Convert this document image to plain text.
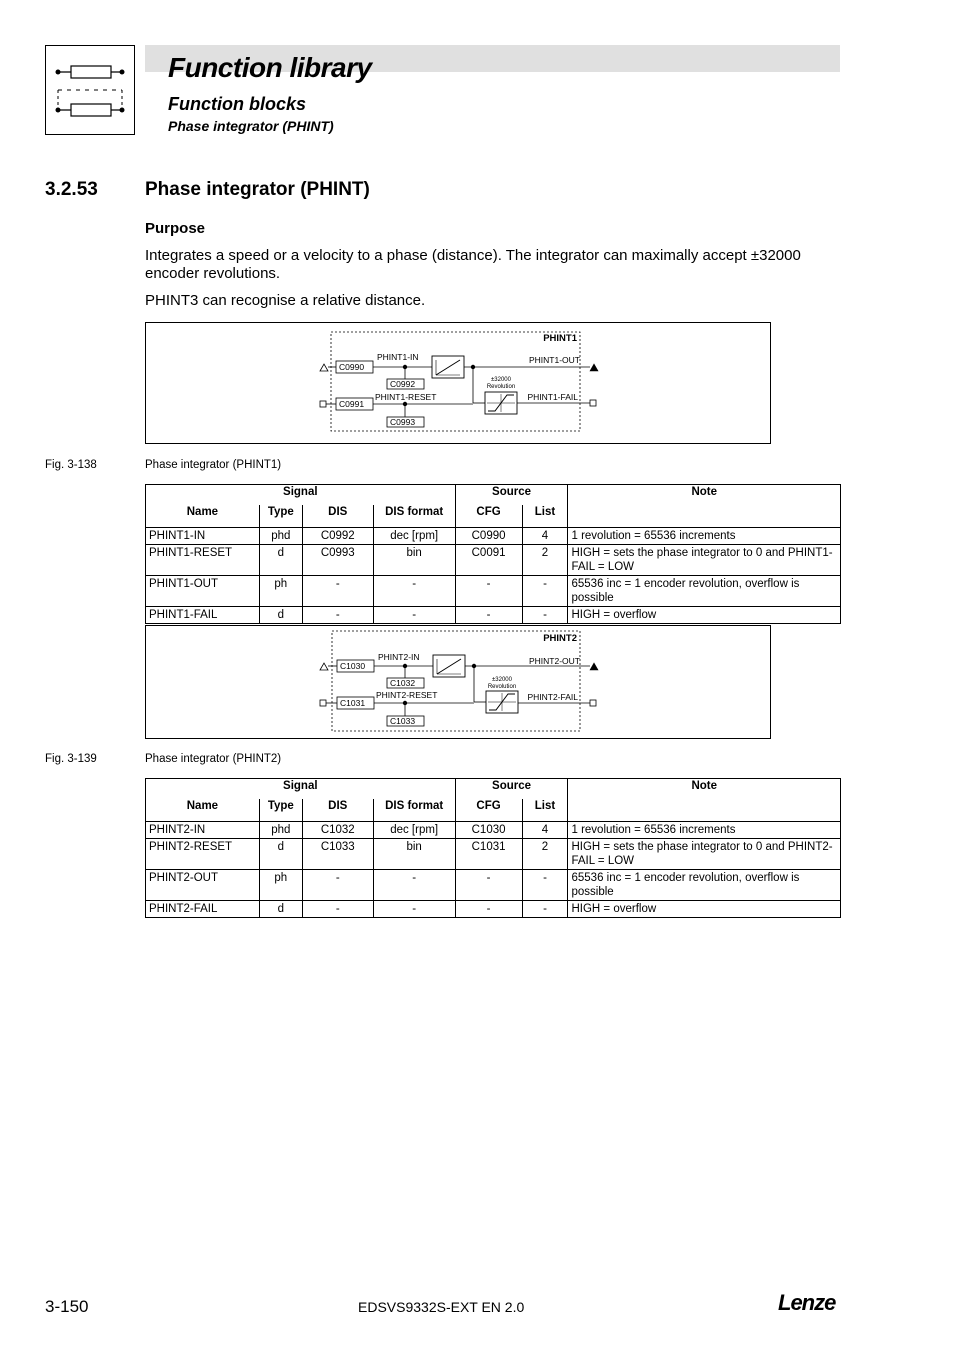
Function library
Function blocks
Phase integrator (PHINT)
3.2.53 Phase integrator (PHINT)
Purpose
Integrates a speed or a velocity to a phase (distance). The integrator can maximally accept ±32000 encoder revolutions.
PHINT3 can recognise a relative distance.
PHINT1
C0990
PHINT1-IN
C0992
PHINT1-OUT
±32000
Revolution
PHINT1-FAIL
C0991
PHINT1-RESET
C0993
Fig. 3-138	Phase integrator (PHINT1)
Signal				Source		Note
Name	Type	DIS	DIS format	CFG	List	
PHINT1-IN	phd	C0992	dec [rpm]	C0990	4	1 revolution = 65536 increments
PHINT1-RESET	d	C0993	bin	C0091	2	HIGH = sets the phase integrator to 0 and PHINT1-FAIL = LOW
PHINT1-OUT	ph	-	-	-	-	65536 inc = 1 encoder revolution, overflow is possible
PHINT1-FAIL	d	-	-	-	-	HIGH = overflow
PHINT2
C1030
PHINT2-IN
C1032
PHINT2-OUT
±32000
Revolution
PHINT2-FAIL
C1031
PHINT2-RESET
C1033
Fig. 3-139	Phase integrator (PHINT2)
Signal				Source		Note
Name	Type	DIS	DIS format	CFG	List	
PHINT2-IN	phd	C1032	dec [rpm]	C1030	4	1 revolution = 65536 increments
PHINT2-RESET	d	C1033	bin	C1031	2	HIGH = sets the phase integrator to 0 and PHINT2-FAIL = LOW
PHINT2-OUT	ph	-	-	-	-	65536 inc = 1 encoder revolution, overflow is possible
PHINT2-FAIL	d	-	-	-	-	HIGH = overflow
3-150	EDSVS9332S-EXT EN 2.0	Lenze
